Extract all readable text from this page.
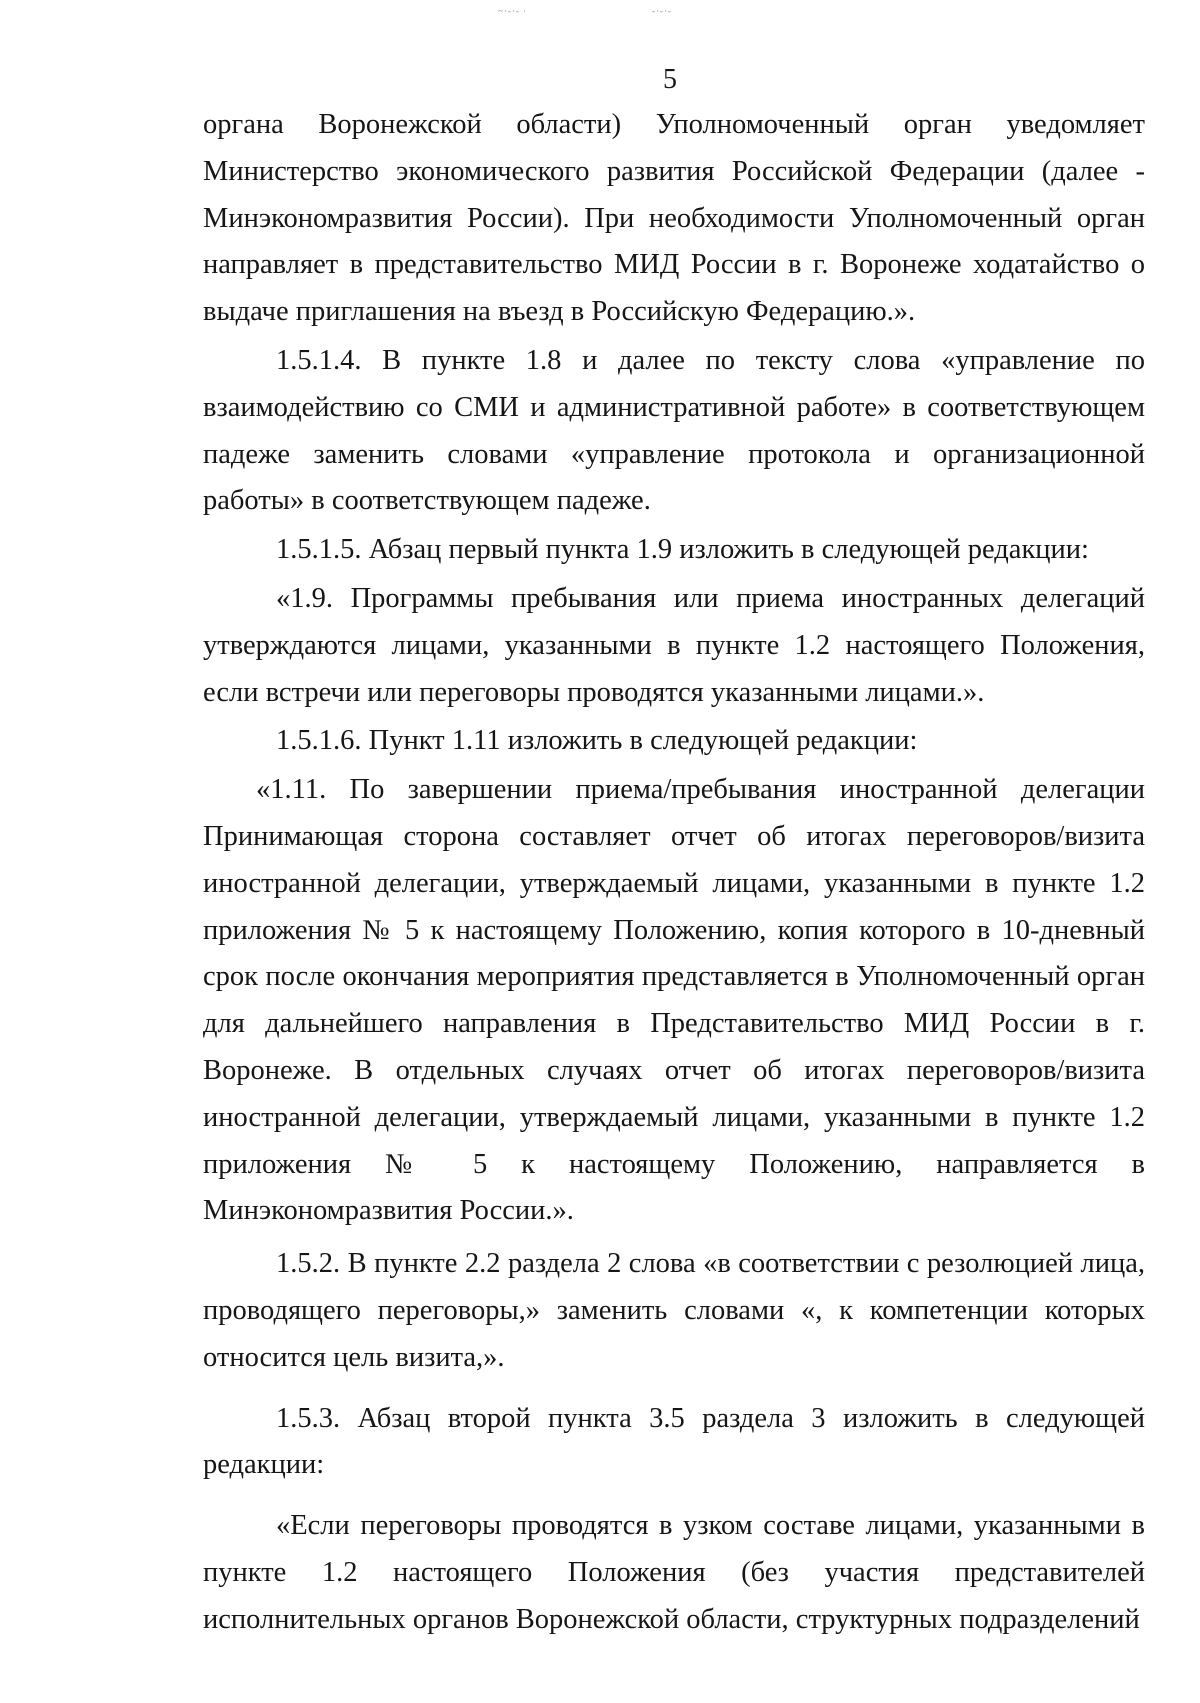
~·-·- ·	-·-·-
5

органа Воронежской области) Уполномоченный орган уведомляет Министерство экономического развития Российской Федерации (далее - Минэкономразвития России). При необходимости Уполномоченный орган направляет в представительство МИД России в г. Воронеже ходатайство о выдаче приглашения на въезд в Российскую Федерацию.».

1.5.1.4. В пункте 1.8 и далее по тексту слова «управление по взаимодействию со СМИ и административной работе» в соответствующем падеже заменить словами «управление протокола и организационной работы» в соответствующем падеже.

1.5.1.5. Абзац первый пункта 1.9 изложить в следующей редакции:

«1.9. Программы пребывания или приема иностранных делегаций утверждаются лицами, указанными в пункте 1.2 настоящего Положения, если встречи или переговоры проводятся указанными лицами.».

1.5.1.6. Пункт 1.11 изложить в следующей редакции:

«1.11. По завершении приема/пребывания иностранной делегации Принимающая сторона составляет отчет об итогах переговоров/визита иностранной делегации, утверждаемый лицами, указанными в пункте 1.2 приложения № 5 к настоящему Положению, копия которого в 10-дневный срок после окончания мероприятия представляется в Уполномоченный орган для дальнейшего направления в Представительство МИД России в г. Воронеже. В отдельных случаях отчет об итогах переговоров/визита иностранной делегации, утверждаемый лицами, указанными в пункте 1.2 приложения № 5 к настоящему Положению, направляется в Минэкономразвития России.».

1.5.2. В пункте 2.2 раздела 2 слова «в соответствии с резолюцией лица, проводящего переговоры,» заменить словами «, к компетенции которых относится цель визита,».

1.5.3. Абзац второй пункта 3.5 раздела 3 изложить в следующей редакции:

«Если переговоры проводятся в узком составе лицами, указанными в пункте 1.2 настоящего Положения (без участия представителей исполнительных органов Воронежской области, структурных подразделений
